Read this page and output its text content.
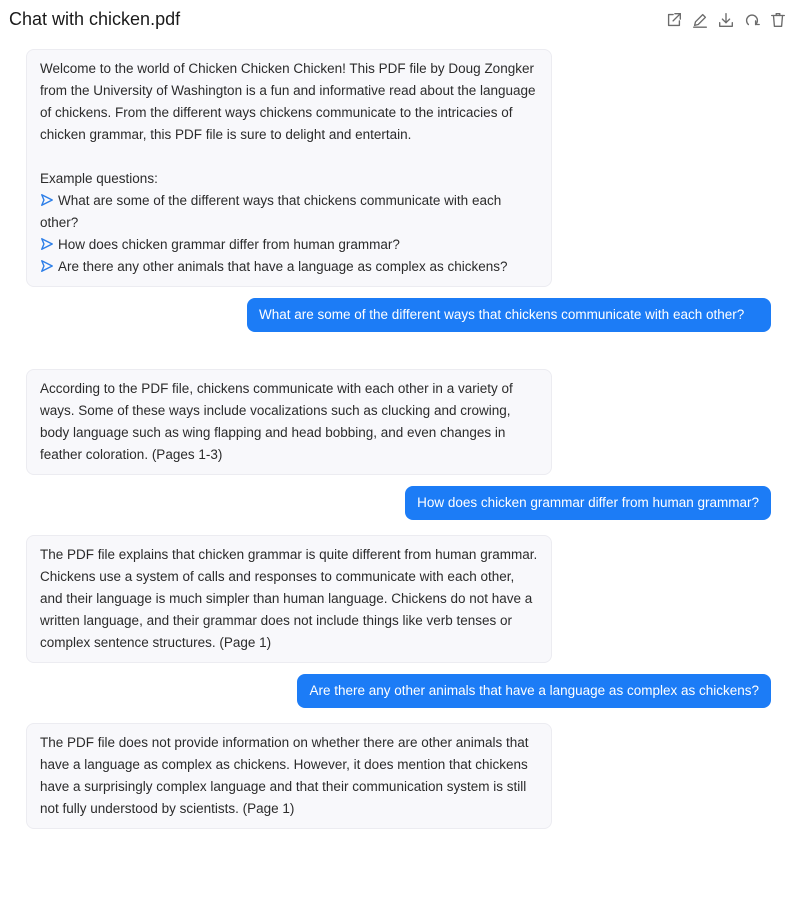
Chat with chicken.pdf
Welcome to the world of Chicken Chicken Chicken! This PDF file by Doug Zongker from the University of Washington is a fun and informative read about the language of chickens. From the different ways chickens communicate to the intricacies of chicken grammar, this PDF file is sure to delight and entertain.
Example questions:
What are some of the different ways that chickens communicate with each other?
How does chicken grammar differ from human grammar?
Are there any other animals that have a language as complex as chickens?
What are some of the different ways that chickens communicate with each other?
According to the PDF file, chickens communicate with each other in a variety of ways. Some of these ways include vocalizations such as clucking and crowing, body language such as wing flapping and head bobbing, and even changes in feather coloration. (Pages 1-3)
How does chicken grammar differ from human grammar?
The PDF file explains that chicken grammar is quite different from human grammar. Chickens use a system of calls and responses to communicate with each other, and their language is much simpler than human language. Chickens do not have a written language, and their grammar does not include things like verb tenses or complex sentence structures. (Page 1)
Are there any other animals that have a language as complex as chickens?
The PDF file does not provide information on whether there are other animals that have a language as complex as chickens. However, it does mention that chickens have a surprisingly complex language and that their communication system is still not fully understood by scientists. (Page 1)
